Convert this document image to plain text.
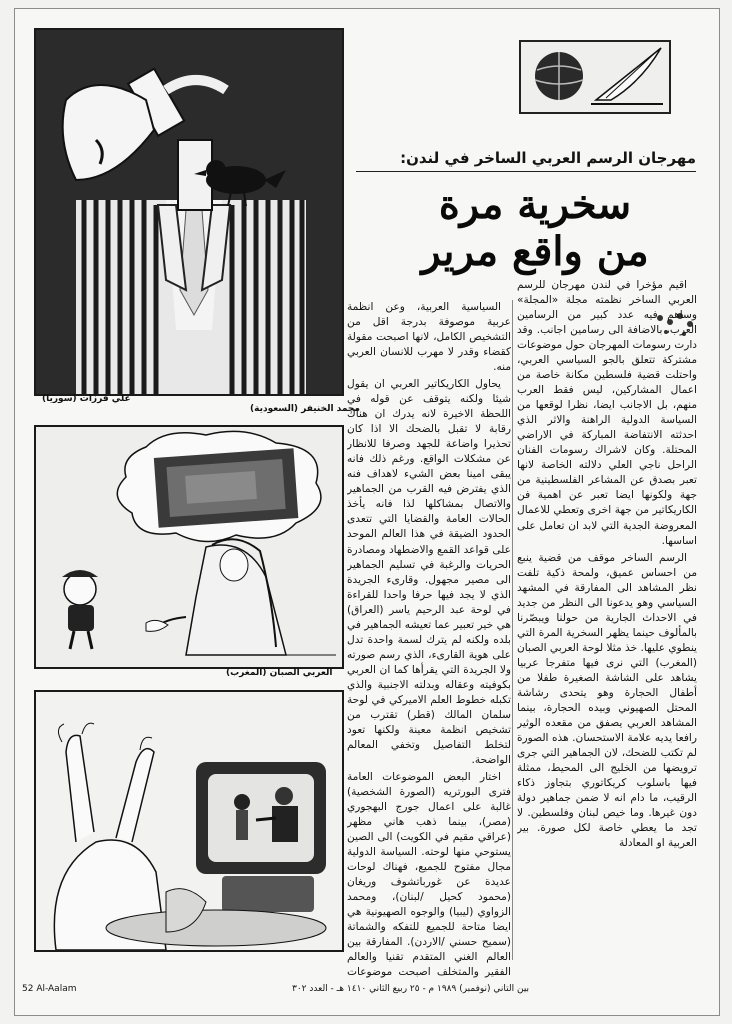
علي فرزات (سوريا)
محمد الخنيفر (السعودية)
العربي الصبان (المغرب)
مهرجان الرسم العربي الساخر في لندن:
سخرية مرة
من واقع مرير

اقيم مؤخرا في لندن مهرجان للرسم العربي الساخر نظمته مجلة «المجلة» وساهم فيه عدد كبير من الرسامين العرب، بالاضافة الى رسامين اجانب. وقد دارت رسومات المهرجان حول موضوعات مشتركة تتعلق بالجو السياسي العربي، واحتلت قضية فلسطين مكانة خاصة من اعمال المشاركين، ليس فقط العرب منهم، بل الاجانب ايضا، نظرا لوقعها من السياسة الدولية الراهنة والاثر الذي احدثته الانتفاضة المباركة في الاراضي المحتلة. وكان لاشراك رسومات الفنان الراحل ناجي العلي دلالته الخاصة لانها تعبر بصدق عن المشاعر الفلسطينية من جهة ولكونها ايضا تعبر عن اهمية فن الكاريكاتير من جهة اخرى وتعطي للاعمال المعروضة الجدية التي لابد ان تعامل على اساسها.

الرسم الساخر موقف من قضية ينبع من احساس عميق، ولمحة ذكية تلفت نظر المشاهد الى المفارقة في المشهد السياسي وهو يدعونا الى النظر من جديد في الاحداث الجارية من حولنا ويبصّرنا بالمألوف حينما يظهر السخرية المرة التي ينطوي عليها. خذ مثلا لوحة العربي الصبان (المغرب) التي نرى فيها متفرجا عربيا يشاهد على الشاشة الصغيرة طفلا من أطفال الحجارة وهو يتحدى رشاشة المحتل الصهيوني وبيده الحجارة، بينما المشاهد العربي يصفق من مقعده الوثير رافعا يديه علامة الاستحسان. هذه الصورة لم تكتب للضحك، لان الجماهير التي جرى ترويضها من الخليج الى المحيط، ممثلة فيها باسلوب كريكاتوري بتجاوز ذكاء الرقيب، ما دام انه لا ضمن جماهير دولة دون غيرها. وما خيص لبنان وفلسطين. لا تجد ما يعطي خاصة لكل صورة. بير العربية او المعادلة

السياسية العربية، وعن انظمة عربية موصوفة بدرجة اقل من التشخيص الكامل، لانها اصبحت مقولة كقضاء وقدر لا مهرب للانسان العربي منه.

يحاول الكاريكاتير العربي ان يقول شيئا ولكنه يتوقف عن قوله في اللحظة الاخيرة لانه يدرك ان هناك رقابة لا تقبل بالضحك الا اذا كان تحذيرا واضاعة للجهد وصرفا للانظار عن مشكلات الواقع. ورغم ذلك فانه يبقى امينا بعض الشيء لاهداف فنه الذي يفترض فيه القرب من الجماهير والاتصال بمشاكلها لذا فانه يأخذ الحالات العامة والقضايا التي تتعدى الحدود الضيقة في هذا العالم الموحد على قواعد القمع والاضطهاد ومصادرة الحريات والرغبة في تسليم الجماهير الى مصير مجهول. وقارىء الجريدة الذي لا يجد فيها حرفا واحدا للقراءة في لوحة عبد الرحيم ياسر (العراق) هي خير تعبير عما تعيشه الجماهير في بلده ولكنه لم يترك لسمة واحدة تدل على هوية القارىء، الذي رسم صورته ولا الجريدة التي يقرأها كما ان العربي بكوفيته وعقاله وبدلته الاجنبية والذي تكبله خطوط العلم الاميركي في لوحة سلمان المالك (قطر) تقترب من تشخيص انظمة معينة ولكنها تعود لتخلط التفاصيل وتخفي المعالم الواضحة.

اختار البعض الموضوعات العامة فترى البورتريه (الصورة الشخصية) غالبة على اعمال جورج البهجوري (مصر)، بينما ذهب هاني مظهر (عراقي مقيم في الكويت) الى الصين يستوحي منها لوحته. السياسة الدولية مجال مفتوح للجميع، فهناك لوحات عديدة عن غورباتشوف وريغان (محمود كحيل /لبنان)، ومحمد الزواوي (ليبيا) والوجوه الصهيونية هي ايضا متاحة للجميع للتفكه والشماتة (سميح حسني /الاردن). المفارقة بين العالم الغني المتقدم تقنيا والعالم الفقير والمتخلف اصبحت موضوعات

52 Al-Aalam	بين التاني (نوفمبر) ١٩٨٩ م - ٢٥ ربيع الثاني ١٤١٠ هـ - العدد ٣٠٢
